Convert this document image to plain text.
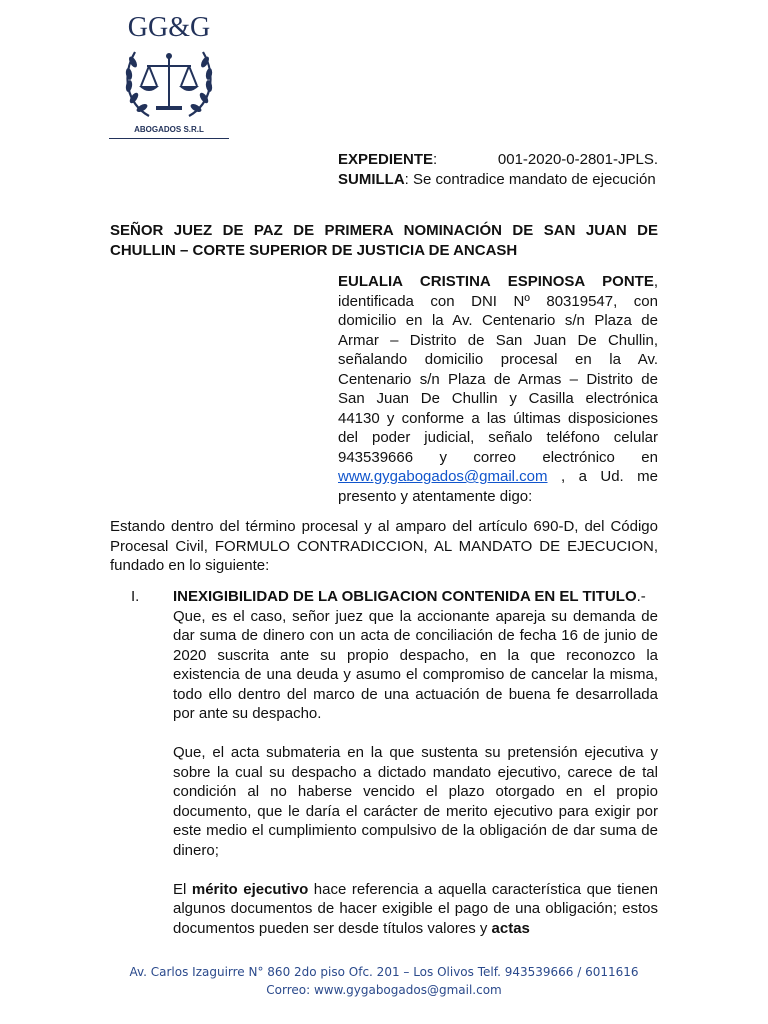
GG&G
ABOGADOS S.R.L
EXPEDIENTE:	001-2020-0-2801-JPLS.
SUMILLA: Se contradice mandato de ejecución
SEÑOR JUEZ DE PAZ DE PRIMERA NOMINACIÓN DE SAN JUAN DE CHULLIN – CORTE SUPERIOR DE JUSTICIA DE ANCASH
EULALIA CRISTINA ESPINOSA PONTE, identificada con DNI Nº 80319547, con domicilio en la Av. Centenario s/n Plaza de Armar – Distrito de San Juan De Chullin, señalando domicilio procesal en la Av. Centenario s/n Plaza de Armas – Distrito de San Juan De Chullin y Casilla electrónica 44130 y conforme a las últimas disposiciones del poder judicial, señalo teléfono celular 943539666 y correo electrónico en www.gygabogados@gmail.com , a Ud. me presento y atentamente digo:
Estando dentro del término procesal y al amparo del artículo 690-D, del Código Procesal Civil, FORMULO CONTRADICCION, AL MANDATO DE EJECUCION, fundado en lo siguiente:
I. INEXIGIBILIDAD DE LA OBLIGACION CONTENIDA EN EL TITULO.-

Que, es el caso, señor juez que la accionante apareja su demanda de dar suma de dinero con un acta de conciliación de fecha 16 de junio de 2020 suscrita ante su propio despacho, en la que reconozco la existencia de una deuda y asumo el compromiso de cancelar la misma, todo ello dentro del marco de una actuación de buena fe desarrollada por ante su despacho.

Que, el acta submateria en la que sustenta su pretensión ejecutiva y sobre la cual su despacho a dictado mandato ejecutivo, carece de tal condición al no haberse vencido el plazo otorgado en el propio documento, que le daría el carácter de merito ejecutivo para exigir por este medio el cumplimiento compulsivo de la obligación de dar suma de dinero;

El mérito ejecutivo hace referencia a aquella característica que tienen algunos documentos de hacer exigible el pago de una obligación; estos documentos pueden ser desde títulos valores y actas

Av. Carlos Izaguirre N° 860 2do piso Ofc. 201 – Los Olivos Telf. 943539666 / 6011616
Correo: www.gygabogados@gmail.com
